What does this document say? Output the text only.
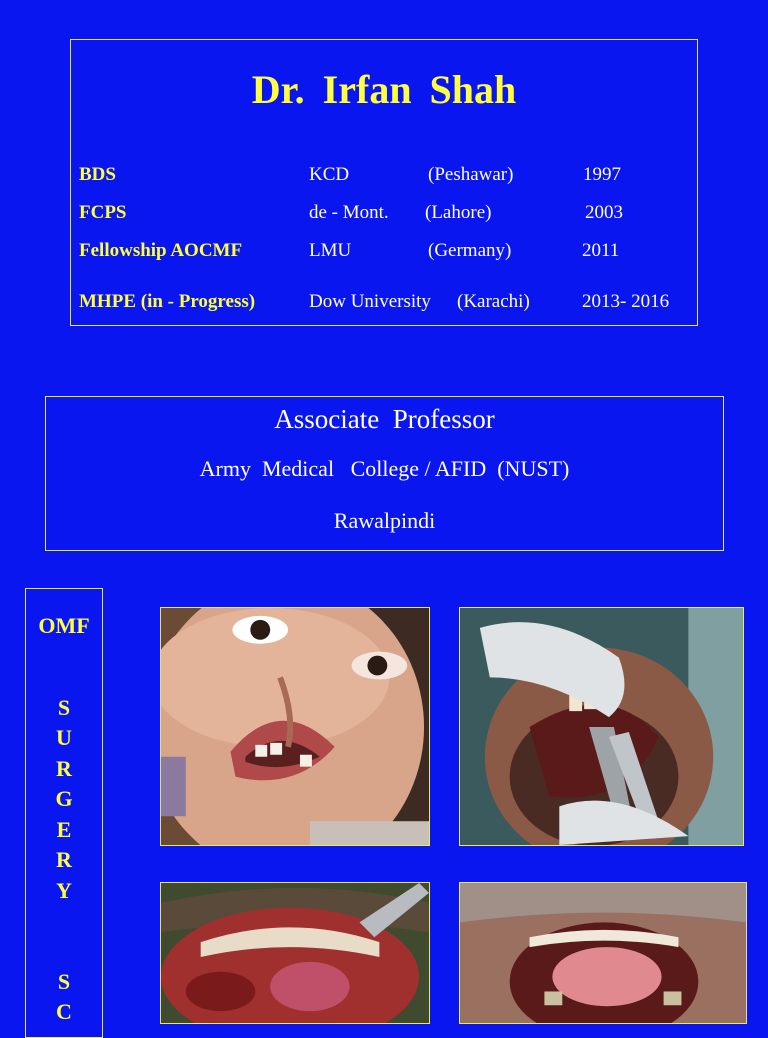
Dr. Irfan Shah
BDS	KCD	(Peshawar)	1997
FCPS	de - Mont. (Lahore)	2003
Fellowship AOCMF	LMU	(Germany)	2011
MHPE (in - Progress)	Dow University (Karachi)	2013- 2016
Associate  Professor
Army  Medical   College / AFID  (NUST)
Rawalpindi
OMF
S
U
R
G
E
R
Y
S
C
